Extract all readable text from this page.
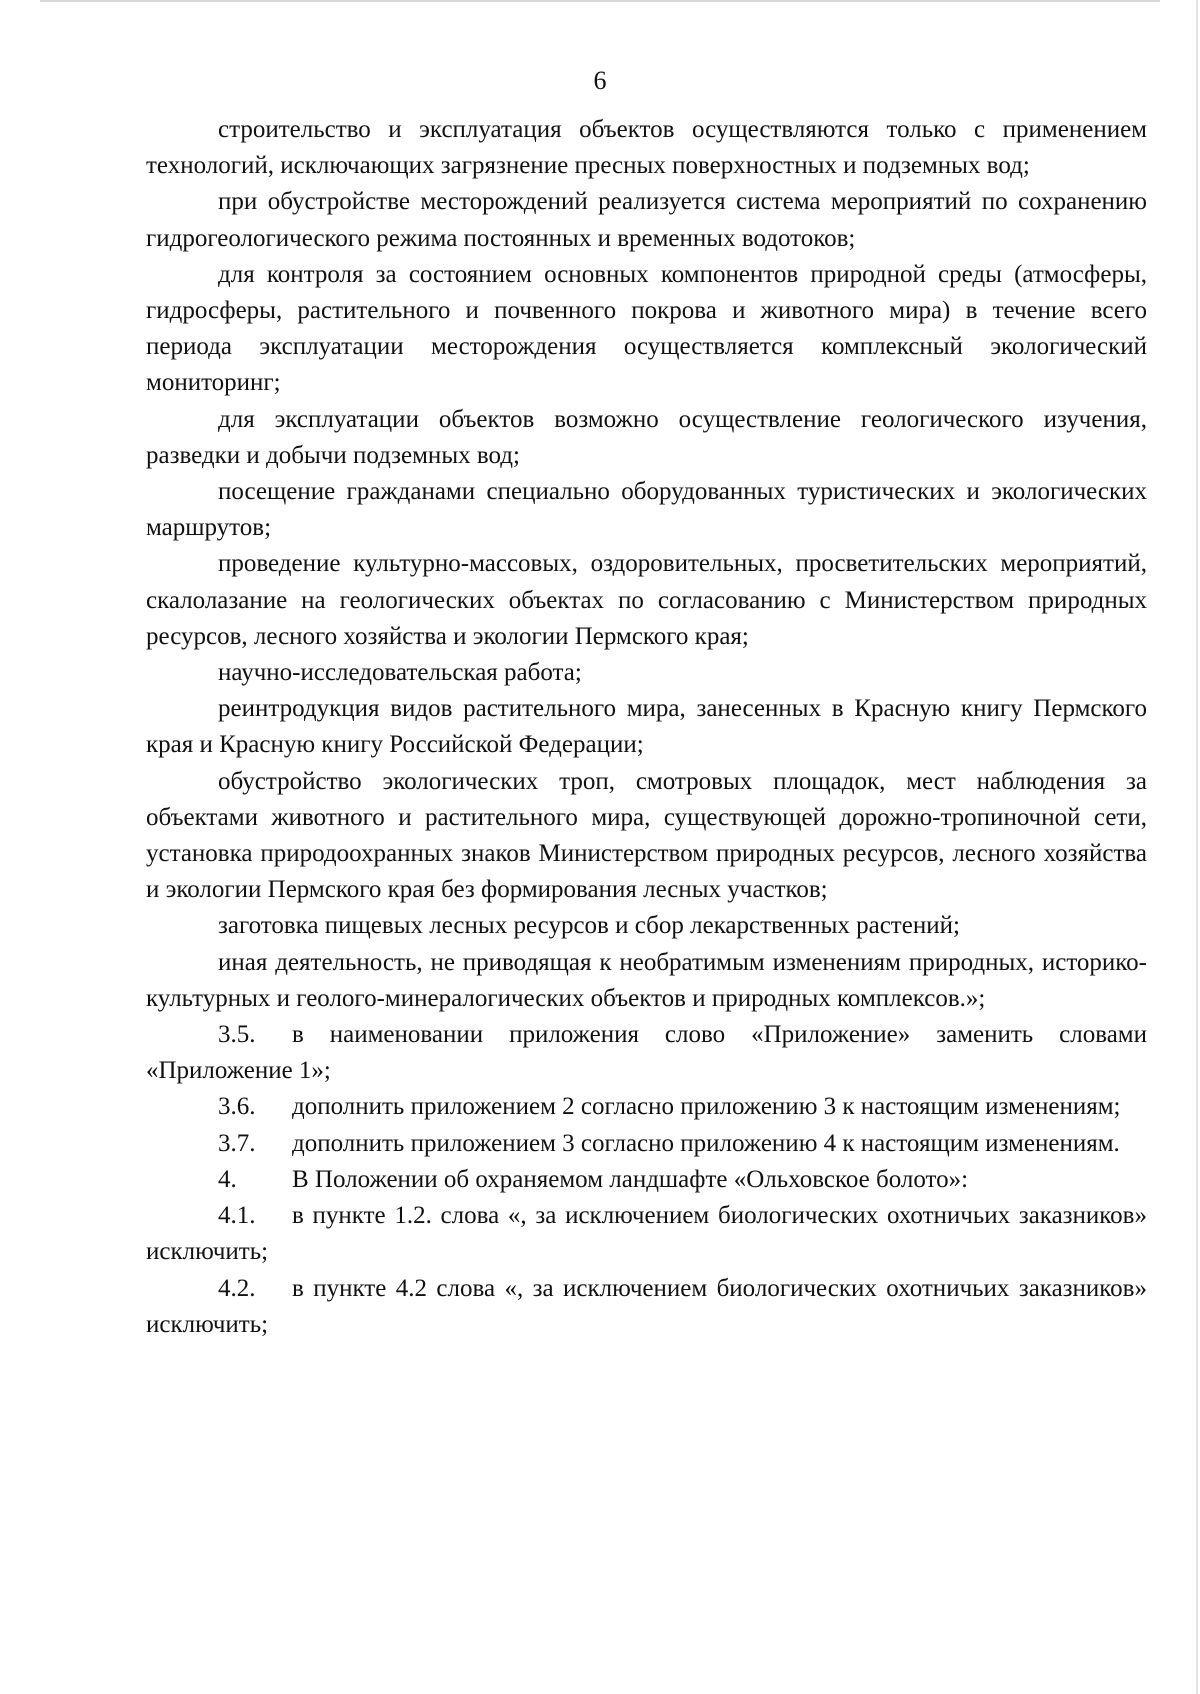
6

строительство и эксплуатация объектов осуществляются только с применением технологий, исключающих загрязнение пресных поверхностных и подземных вод;

при обустройстве месторождений реализуется система мероприятий по сохранению гидрогеологического режима постоянных и временных водотоков;

для контроля за состоянием основных компонентов природной среды (атмосферы, гидросферы, растительного и почвенного покрова и животного мира) в течение всего периода эксплуатации месторождения осуществляется комплексный экологический мониторинг;

для эксплуатации объектов возможно осуществление геологического изучения, разведки и добычи подземных вод;

посещение гражданами специально оборудованных туристических и экологических маршрутов;

проведение культурно-массовых, оздоровительных, просветительских мероприятий, скалолазание на геологических объектах по согласованию с Министерством природных ресурсов, лесного хозяйства и экологии Пермского края;

научно-исследовательская работа;

реинтродукция видов растительного мира, занесенных в Красную книгу Пермского края и Красную книгу Российской Федерации;

обустройство экологических троп, смотровых площадок, мест наблюдения за объектами животного и растительного мира, существующей дорожно-тропиночной сети, установка природоохранных знаков Министерством природных ресурсов, лесного хозяйства и экологии Пермского края без формирования лесных участков;

заготовка пищевых лесных ресурсов и сбор лекарственных растений;

иная деятельность, не приводящая к необратимым изменениям природных, историко-культурных и геолого-минералогических объектов и природных комплексов.»;

3.5. в наименовании приложения слово «Приложение» заменить словами «Приложение 1»;

3.6. дополнить приложением 2 согласно приложению 3 к настоящим изменениям;

3.7. дополнить приложением 3 согласно приложению 4 к настоящим изменениям.

4. В Положении об охраняемом ландшафте «Ольховское болото»:

4.1. в пункте 1.2. слова «, за исключением биологических охотничьих заказников» исключить;

4.2. в пункте 4.2 слова «, за исключением биологических охотничьих заказников» исключить;
